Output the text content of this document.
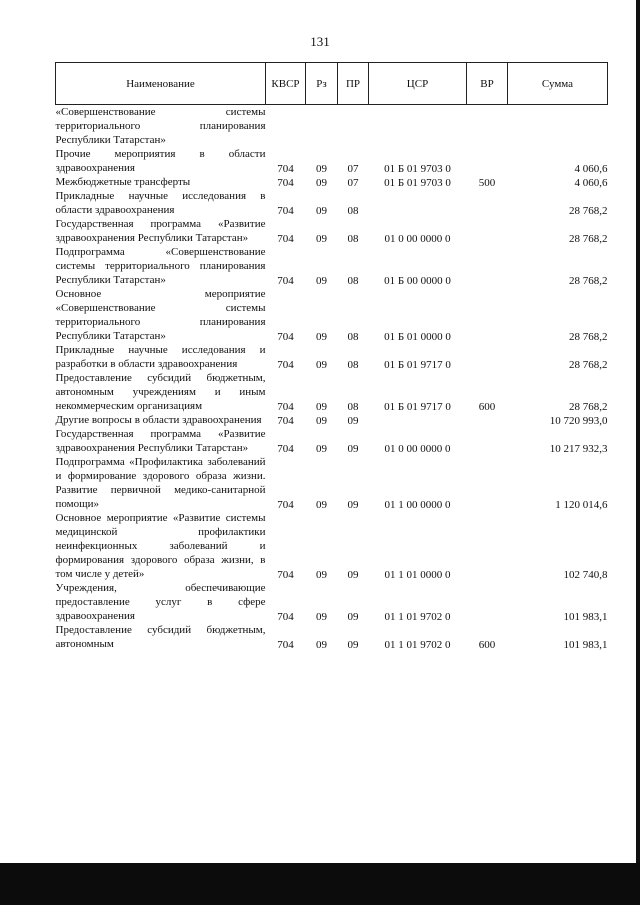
131
Наименование	КВСР	Рз	ПР	ЦСР	ВР	Сумма
«Совершенствование системы территориального планирования Республики Татарстан»						
Прочие мероприятия в области здравоохранения	704	09	07	01 Б 01 9703 0		4 060,6
Межбюджетные трансферты	704	09	07	01 Б 01 9703 0	500	4 060,6
Прикладные научные исследования в области здравоохранения	704	09	08			28 768,2
Государственная программа «Развитие здравоохранения Республики Татарстан»	704	09	08	01 0 00 0000 0		28 768,2
Подпрограмма «Совершенствование системы территориального планирования Республики Татарстан»	704	09	08	01 Б 00 0000 0		28 768,2
Основное мероприятие «Совершенствование системы территориального планирования Республики Татарстан»	704	09	08	01 Б 01 0000 0		28 768,2
Прикладные научные исследования и разработки в области здравоохранения	704	09	08	01 Б 01 9717 0		28 768,2
Предоставление субсидий бюджетным, автономным учреждениям и иным некоммерческим организациям	704	09	08	01 Б 01 9717 0	600	28 768,2
Другие вопросы в области здравоохранения	704	09	09			10 720 993,0
Государственная программа «Развитие здравоохранения Республики Татарстан»	704	09	09	01 0 00 0000 0		10 217 932,3
Подпрограмма «Профилактика заболеваний и формирование здорового образа жизни. Развитие первичной медико-санитарной помощи»	704	09	09	01 1 00 0000 0		1 120 014,6
Основное мероприятие «Развитие системы медицинской профилактики неинфекционных заболеваний и формирования здорового образа жизни, в том числе у детей»	704	09	09	01 1 01 0000 0		102 740,8
Учреждения, обеспечивающие предоставление услуг в сфере здравоохранения	704	09	09	01 1 01 9702 0		101 983,1
Предоставление субсидий бюджетным, автономным	704	09	09	01 1 01 9702 0	600	101 983,1
